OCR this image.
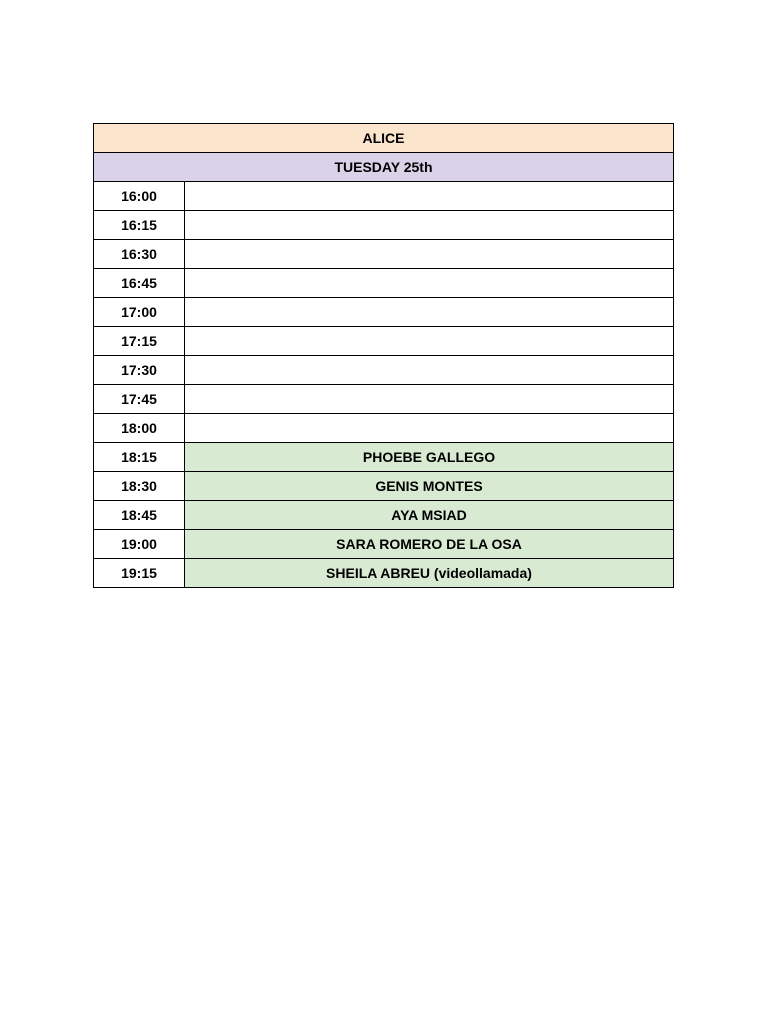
ALICE	
TUESDAY 25th	
16:00	
16:15	
16:30	
16:45	
17:00	
17:15	
17:30	
17:45	
18:00	
18:15	PHOEBE GALLEGO
18:30	GENIS MONTES
18:45	AYA MSIAD
19:00	SARA ROMERO DE LA OSA
19:15	SHEILA ABREU (videollamada)
